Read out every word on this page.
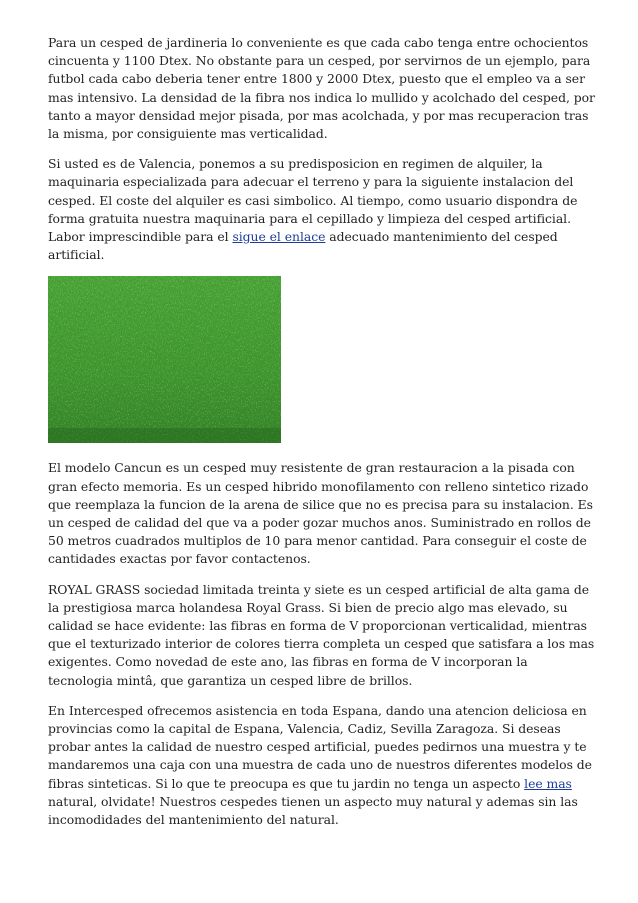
Para un cesped de jardineria lo conveniente es que cada cabo tenga entre ochocientos cincuenta y 1100 Dtex. No obstante para un cesped, por servirnos de un ejemplo, para futbol cada cabo deberia tener entre 1800 y 2000 Dtex, puesto que el empleo va a ser mas intensivo. La densidad de la fibra nos indica lo mullido y acolchado del cesped, por tanto a mayor densidad mejor pisada, por mas acolchada, y por mas recuperacion tras la misma, por consiguiente mas verticalidad.

Si usted es de Valencia, ponemos a su predisposicion en regimen de alquiler, la maquinaria especializada para adecuar el terreno y para la siguiente instalacion del cesped. El coste del alquiler es casi simbolico. Al tiempo, como usuario dispondra de forma gratuita nuestra maquinaria para el cepillado y limpieza del cesped artificial. Labor imprescindible para el sigue el enlace adecuado mantenimiento del cesped artificial.

El modelo Cancun es un cesped muy resistente de gran restauracion a la pisada con gran efecto memoria. Es un cesped hibrido monofilamento con relleno sintetico rizado que reemplaza la funcion de la arena de silice que no es precisa para su instalacion. Es un cesped de calidad del que va a poder gozar muchos anos. Suministrado en rollos de 50 metros cuadrados multiplos de 10 para menor cantidad. Para conseguir el coste de cantidades exactas por favor contactenos.

ROYAL GRASS sociedad limitada treinta y siete es un cesped artificial de alta gama de la prestigiosa marca holandesa Royal Grass. Si bien de precio algo mas elevado, su calidad se hace evidente: las fibras en forma de V proporcionan verticalidad, mientras que el texturizado interior de colores tierra completa un cesped que satisfara a los mas exigentes. Como novedad de este ano, las fibras en forma de V incorporan la tecnologia mintâ, que garantiza un cesped libre de brillos.

En Intercesped ofrecemos asistencia en toda Espana, dando una atencion deliciosa en provincias como la capital de Espana, Valencia, Cadiz, Sevilla Zaragoza. Si deseas probar antes la calidad de nuestro cesped artificial, puedes pedirnos una muestra y te mandaremos una caja con una muestra de cada uno de nuestros diferentes modelos de fibras sinteticas. Si lo que te preocupa es que tu jardin no tenga un aspecto lee mas natural, olvidate! Nuestros cespedes tienen un aspecto muy natural y ademas sin las incomodidades del mantenimiento del natural.
